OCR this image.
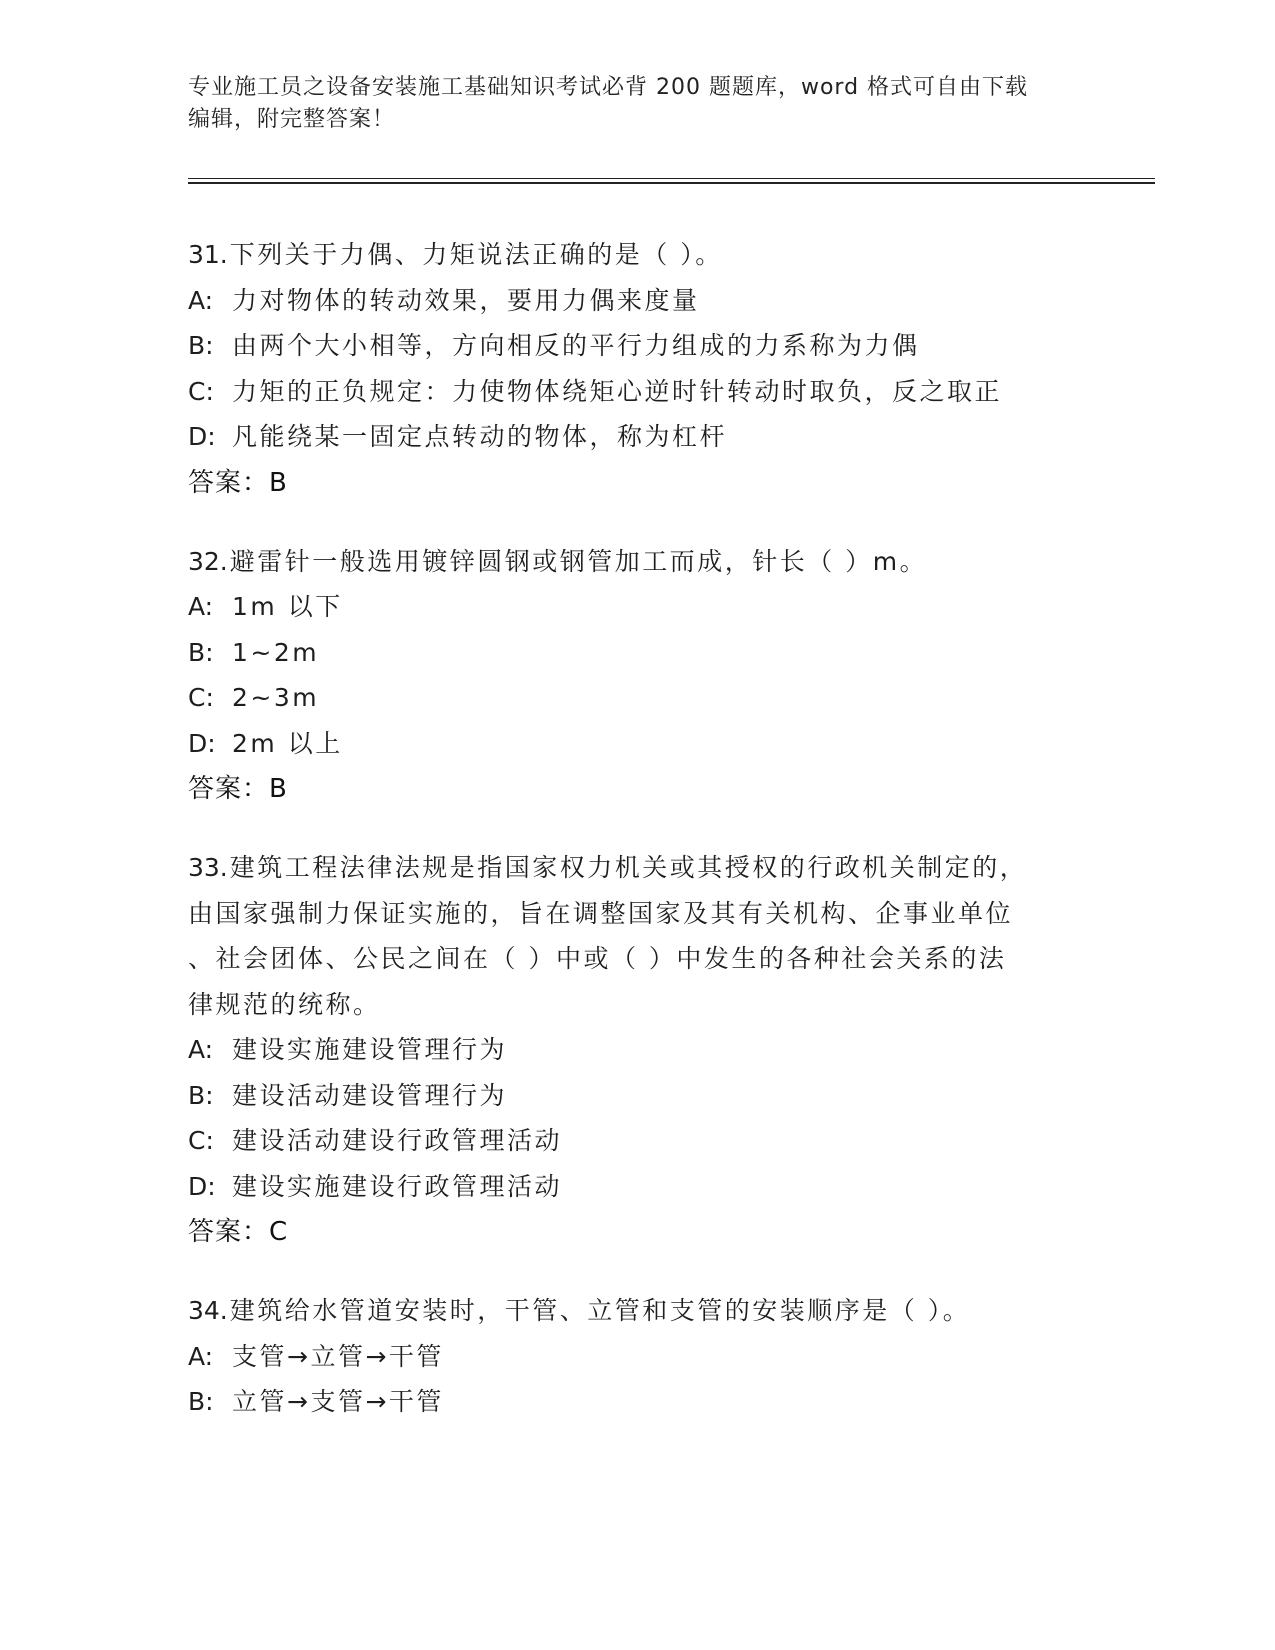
专业施工员之设备安装施工基础知识考试必背 200 题题库，word 格式可自由下载
编辑，附完整答案！
31.下列关于力偶、力矩说法正确的是（ ）。
A: 力对物体的转动效果，要用力偶来度量
B: 由两个大小相等，方向相反的平行力组成的力系称为力偶
C: 力矩的正负规定：力使物体绕矩心逆时针转动时取负，反之取正
D: 凡能绕某一固定点转动的物体，称为杠杆
答案：B
32.避雷针一般选用镀锌圆钢或钢管加工而成，针长（ ）m。
A: 1m 以下
B: 1~2m
C: 2~3m
D: 2m 以上
答案：B
33.建筑工程法律法规是指国家权力机关或其授权的行政机关制定的，
由国家强制力保证实施的，旨在调整国家及其有关机构、企事业单位
、社会团体、公民之间在（ ）中或（ ）中发生的各种社会关系的法
律规范的统称。
A: 建设实施建设管理行为
B: 建设活动建设管理行为
C: 建设活动建设行政管理活动
D: 建设实施建设行政管理活动
答案：C
34.建筑给水管道安装时，干管、立管和支管的安装顺序是（ ）。
A: 支管→立管→干管
B: 立管→支管→干管
